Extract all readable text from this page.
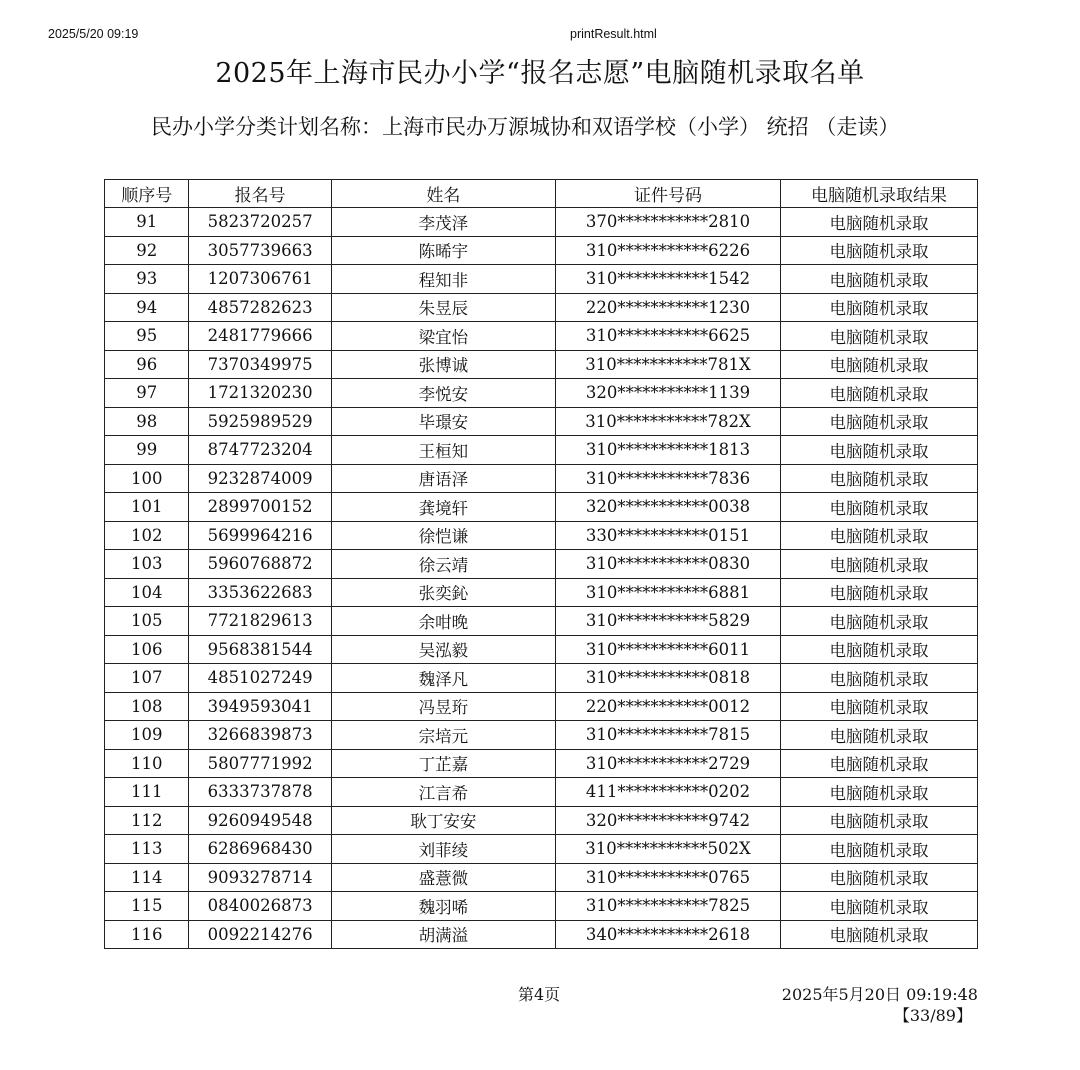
2025/5/20 09:19	printResult.html
2025年上海市民办小学“报名志愿”电脑随机录取名单
民办小学分类计划名称：上海市民办万源城协和双语学校（小学） 统招 （走读）
顺序号	报名号	姓名	证件号码	电脑随机录取结果
91	5823720257	李茂泽	370***********2810	电脑随机录取
92	3057739663	陈晞宇	310***********6226	电脑随机录取
93	1207306761	程知非	310***********1542	电脑随机录取
94	4857282623	朱昱辰	220***********1230	电脑随机录取
95	2481779666	梁宜怡	310***********6625	电脑随机录取
96	7370349975	张博诚	310***********781X	电脑随机录取
97	1721320230	李悦安	320***********1139	电脑随机录取
98	5925989529	毕璟安	310***********782X	电脑随机录取
99	8747723204	王桓知	310***********1813	电脑随机录取
100	9232874009	唐语泽	310***********7836	电脑随机录取
101	2899700152	龚境轩	320***********0038	电脑随机录取
102	5699964216	徐恺谦	330***********0151	电脑随机录取
103	5960768872	徐云靖	310***********0830	电脑随机录取
104	3353622683	张奕鈊	310***********6881	电脑随机录取
105	7721829613	余咁晚	310***********5829	电脑随机录取
106	9568381544	吴泓毅	310***********6011	电脑随机录取
107	4851027249	魏泽凡	310***********0818	电脑随机录取
108	3949593041	冯昱珩	220***********0012	电脑随机录取
109	3266839873	宗培元	310***********7815	电脑随机录取
110	5807771992	丁芷嘉	310***********2729	电脑随机录取
111	6333737878	江言希	411***********0202	电脑随机录取
112	9260949548	耿丁安安	320***********9742	电脑随机录取
113	6286968430	刘菲绫	310***********502X	电脑随机录取
114	9093278714	盛薏微	310***********0765	电脑随机录取
115	0840026873	魏羽唏	310***********7825	电脑随机录取
116	0092214276	胡满溢	340***********2618	电脑随机录取
第4页	2025年5月20日 09:19:48
【33/89】
